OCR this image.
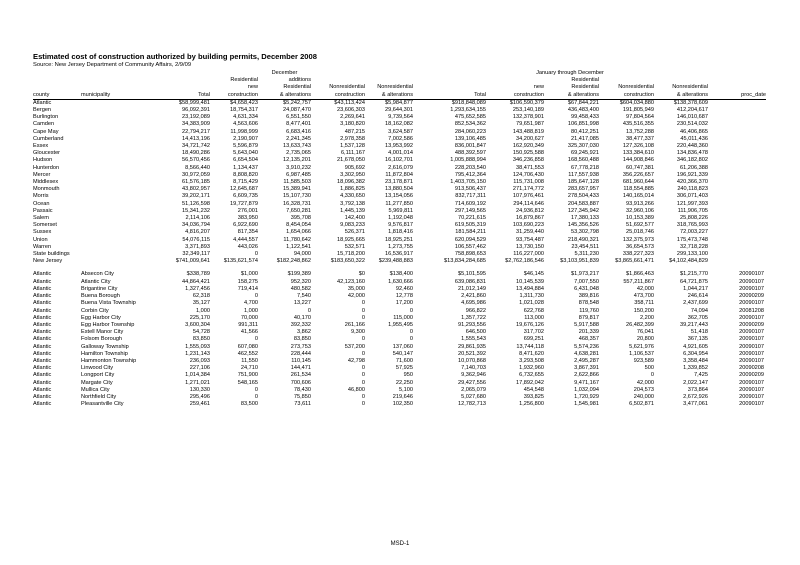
Estimated cost of construction authorized by building permits, December 2008
Source: New Jersey Department of Community Affairs, 2/9/09
				December				January through December				
			Residential	additions					Residential			
			new	Residential	Nonresidential	Nonresidential		new	Residential	Nonresidential	Nonresidential	
county	municipality	Total	construction	& alterations	construction	& alterations	Total	construction	& alterations	construction	& alterations	proc_date
Atlantic		$58,999,481	$4,658,423	$5,242,757	$43,113,424	$5,984,877	$918,848,089	$106,590,379	$67,844,221	$604,034,880	$138,378,609	
Bergen		96,092,391	18,754,317	24,087,470	23,606,303	29,644,301	1,293,634,155	253,140,189	436,483,400	191,805,949	412,204,617	
Burlington		23,192,089	4,631,334	6,551,550	2,269,641	9,739,564	475,652,585	132,378,901	99,458,433	97,804,564	146,010,687	
Camden		34,383,909	4,563,606	8,477,401	3,180,820	18,162,082	852,534,362	79,651,987	106,851,998	435,516,355	230,514,032	
Cape May		22,794,217	11,998,999	6,683,416	487,215	3,624,587	284,060,223	143,488,819	80,412,251	13,752,288	46,406,865	
Cumberland		14,413,196	2,190,907	2,241,345	2,978,358	7,002,586	139,106,485	34,200,627	21,417,085	38,477,337	45,011,436	
Essex		34,721,742	5,596,879	13,633,743	1,537,128	13,953,992	836,001,847	162,920,349	325,307,030	127,326,108	220,448,360	
Gloucester		18,490,286	5,643,040	2,735,065	6,111,167	4,001,014	488,392,597	150,925,588	69,245,921	133,384,610	134,836,478	
Hudson		56,570,456	6,654,504	12,135,201	21,678,050	16,102,701	1,005,888,994	346,236,858	168,560,488	144,908,846	346,182,802	
Hunterdon		8,566,440	1,134,437	3,910,232	905,692	2,616,079	228,203,540	38,471,553	67,778,218	60,747,381	61,206,388	
Mercer		30,972,059	8,808,820	6,987,485	3,302,950	11,872,804	795,412,364	124,706,430	117,557,938	356,226,657	196,921,339	
Middlesex		61,576,185	8,715,429	11,585,503	18,096,382	23,178,871	1,403,705,150	115,731,008	185,647,128	681,960,644	420,366,370	
Monmouth		43,802,957	12,645,687	15,389,941	1,886,825	13,880,504	913,506,437	271,174,772	283,657,957	118,554,885	240,118,823	
Morris		39,202,171	6,609,735	15,107,730	4,330,650	13,154,056	832,717,311	107,976,461	278,504,433	140,165,014	306,071,403	
Ocean		51,126,598	19,727,879	16,328,731	3,792,138	11,277,850	714,609,192	294,114,646	204,583,887	93,913,266	121,997,393	
Passaic		15,341,232	276,001	7,650,281	1,445,139	5,969,811	297,149,565	24,936,812	127,345,942	32,960,106	111,906,705	
Salem		2,114,106	383,950	395,708	142,400	1,192,048	70,221,615	16,879,867	17,380,133	10,153,389	25,808,226	
Somerset		34,036,794	6,922,690	8,454,054	9,083,233	9,576,817	619,505,319	103,690,223	145,356,526	51,692,577	318,765,993	
Sussex		4,816,207	817,354	1,654,066	526,371	1,818,416	181,584,211	31,259,440	53,302,798	25,018,746	72,003,227	
Union		54,076,115	4,444,557	11,780,642	18,925,665	18,925,251	620,094,529	93,754,487	218,490,321	132,375,973	175,473,748	
Warren		3,371,893	443,026	1,122,541	532,571	1,273,755	106,557,462	13,730,150	23,454,511	36,654,573	32,718,228	
State buildings		32,349,117	0	94,000	15,718,200	16,536,917	758,898,653	116,227,000	5,311,230	338,227,323	299,133,100	
New Jersey		$741,009,641	$135,621,574	$182,248,862	$183,650,322	$239,488,883	$13,834,284,685	$2,762,186,546	$3,103,951,839	$3,865,661,471	$4,102,484,829	

Atlantic	Absecon City	$338,789	$1,000	$199,389	$0	$138,400	$5,101,595	$46,145	$1,973,217	$1,866,463	$1,215,770	20090107
Atlantic	Atlantic City	44,864,421	158,275	952,320	42,123,160	1,630,666	639,086,831	10,145,539	7,007,550	557,211,867	64,721,875	20090107
Atlantic	Brigantine City	1,327,456	719,414	480,582	35,000	92,460	21,012,149	13,494,884	6,431,048	42,000	1,044,217	20090107
Atlantic	Buena Borough	62,318	0	7,540	42,000	12,778	2,421,860	1,311,730	389,816	473,700	246,614	20090209
Atlantic	Buena Vista Township	35,127	4,700	13,227	0	17,200	4,695,986	1,021,028	878,548	358,711	2,437,699	20090107
Atlantic	Corbin City	1,000	1,000	0	0	0	966,822	622,768	119,760	150,200	74,094	20081208
Atlantic	Egg Harbor City	225,170	70,000	40,170	0	115,000	1,357,722	113,000	879,817	2,200	362,705	20090107
Atlantic	Egg Harbor Township	3,600,304	991,311	392,332	261,166	1,955,495	91,293,556	19,676,126	5,917,588	26,482,399	39,217,443	20090209
Atlantic	Estell Manor City	54,728	41,566	3,862	9,300	0	646,500	317,702	201,339	76,041	51,418	20090107
Atlantic	Folsom Borough	83,850	0	83,850	0	0	1,555,543	699,251	468,357	20,800	367,135	20090107
Atlantic	Galloway Township	1,555,093	607,080	273,753	537,200	137,060	29,861,935	13,744,118	5,574,236	5,621,976	4,921,605	20090107
Atlantic	Hamilton Township	1,231,143	462,552	228,444	0	540,147	20,521,392	8,471,620	4,638,281	1,106,537	6,304,954	20090107
Atlantic	Hammonton Township	236,093	11,550	110,145	42,798	71,600	10,070,868	3,293,508	2,495,287	923,589	3,358,484	20090107
Atlantic	Linwood City	227,106	24,710	144,471	0	57,925	7,140,703	1,932,960	3,867,391	500	1,339,852	20090208
Atlantic	Longport City	1,014,384	751,900	261,534	0	950	9,362,946	6,732,655	2,622,866	0	7,425	20090209
Atlantic	Margate City	1,271,021	548,165	700,606	0	22,250	29,427,556	17,892,042	9,471,167	42,000	2,022,147	20090107
Atlantic	Mullica City	130,330	0	78,430	46,800	5,100	2,065,079	454,548	1,032,094	204,573	373,864	20090107
Atlantic	Northfield City	295,496	0	75,850	0	219,646	5,027,680	393,825	1,720,929	240,000	2,672,926	20090107
Atlantic	Pleasantville City	259,461	83,500	73,611	0	102,350	12,782,713	1,256,800	1,545,981	6,502,871	3,477,061	20090107
MSD-1
